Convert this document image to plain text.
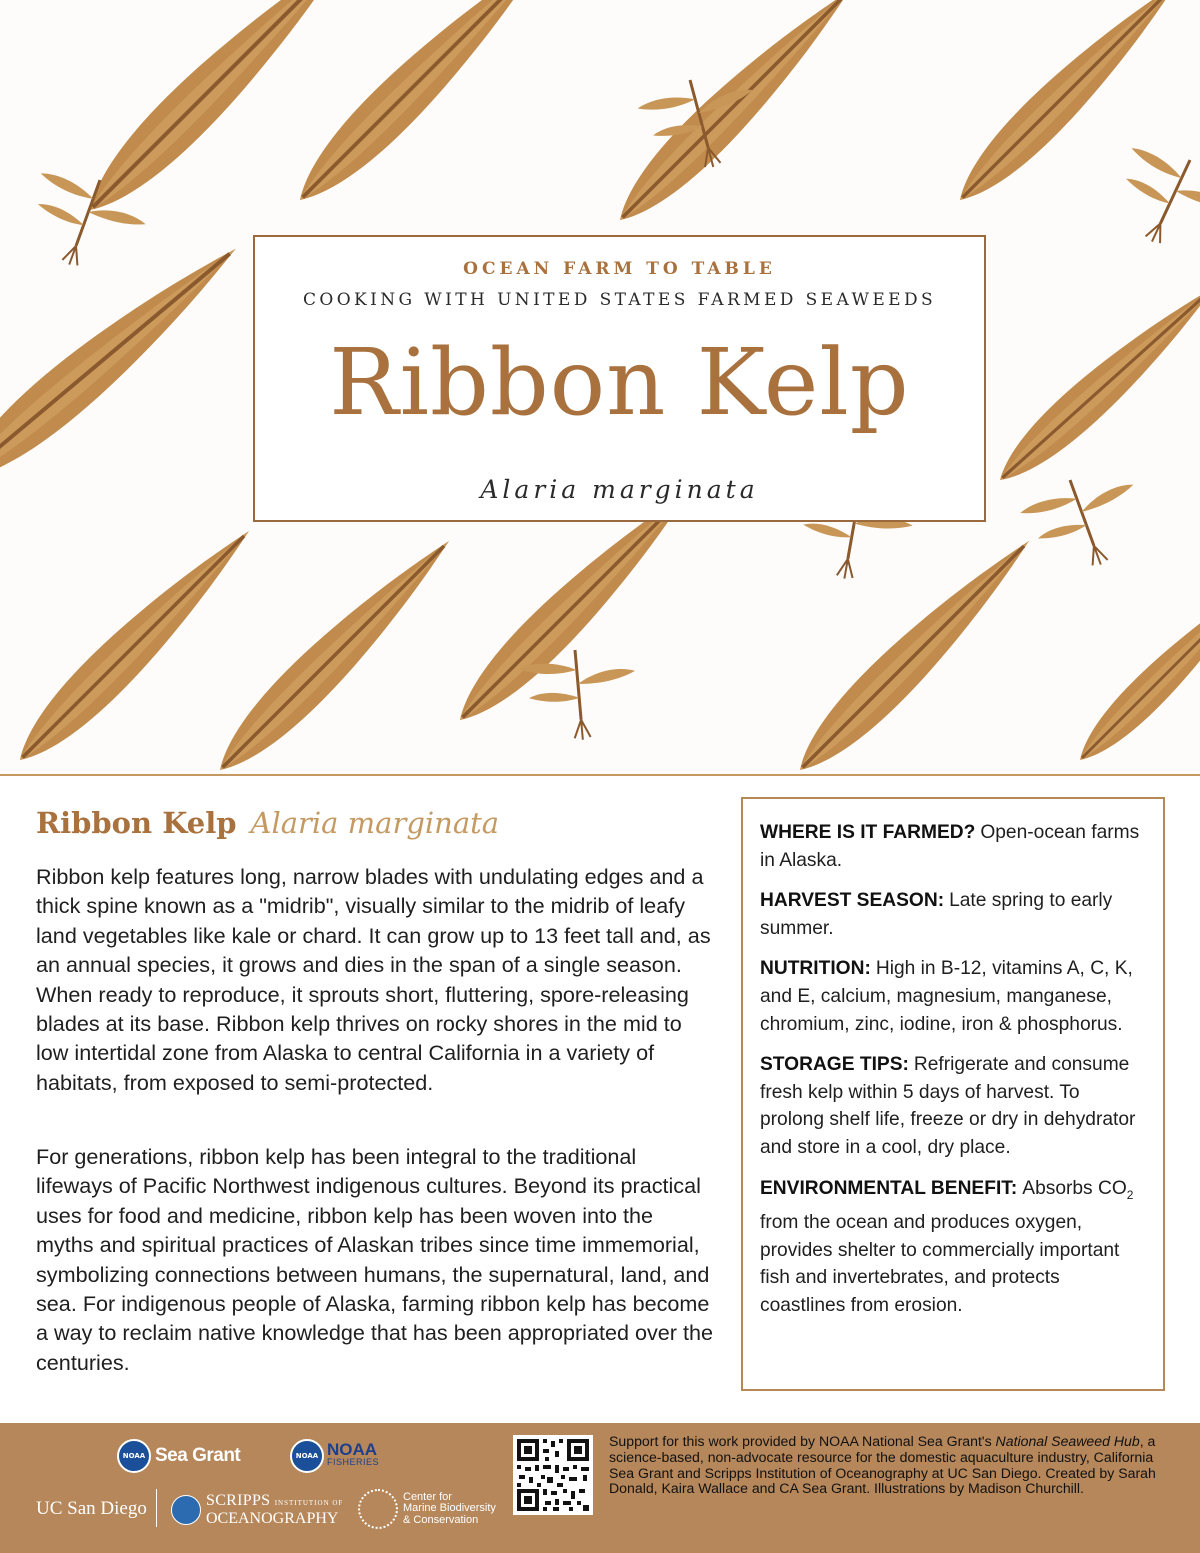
OCEAN FARM TO TABLE
COOKING WITH UNITED STATES FARMED SEAWEEDS
Ribbon Kelp
Alaria marginata
Ribbon Kelp Alaria marginata

Ribbon kelp features long, narrow blades with undulating edges and a thick spine known as a "midrib", visually similar to the midrib of leafy land vegetables like kale or chard. It can grow up to 13 feet tall and, as an annual species, it grows and dies in the span of a single season. When ready to reproduce, it sprouts short, fluttering, spore-releasing blades at its base. Ribbon kelp thrives on rocky shores in the mid to low intertidal zone from Alaska to central California in a variety of habitats, from exposed to semi-protected.

For generations, ribbon kelp has been integral to the traditional lifeways of Pacific Northwest indigenous cultures. Beyond its practical uses for food and medicine, ribbon kelp has been woven into the myths and spiritual practices of Alaskan tribes since time immemorial, symbolizing connections between humans, the supernatural, land, and sea. For indigenous people of Alaska, farming ribbon kelp has become a way to reclaim native knowledge that has been appropriated over the centuries.

WHERE IS IT FARMED? Open-ocean farms in Alaska.

HARVEST SEASON: Late spring to early summer.

NUTRITION: High in B-12, vitamins A, C, K, and E, calcium, magnesium, manganese, chromium, zinc, iodine, iron & phosphorus.

STORAGE TIPS: Refrigerate and consume fresh kelp within 5 days of harvest. To prolong shelf life, freeze or dry in dehydrator and store in a cool, dry place.

ENVIRONMENTAL BENEFIT: Absorbs $CO_2$ from the ocean and produces oxygen, provides shelter to commercially important fish and invertebrates, and protects coastlines from erosion.

NOAA Sea Grant	NOAA NOAA
FISHERIES
UC San Diego	SCRIPPS INSTITUTION OF
OCEANOGRAPHY
Center for
Marine Biodiversity
& Conservation

Support for this work provided by NOAA National Sea Grant's National Seaweed Hub, a science-based, non-advocate resource for the domestic aquaculture industry, California Sea Grant and Scripps Institution of Oceanography at UC San Diego. Created by Sarah Donald, Kaira Wallace and CA Sea Grant. Illustrations by Madison Churchill.
